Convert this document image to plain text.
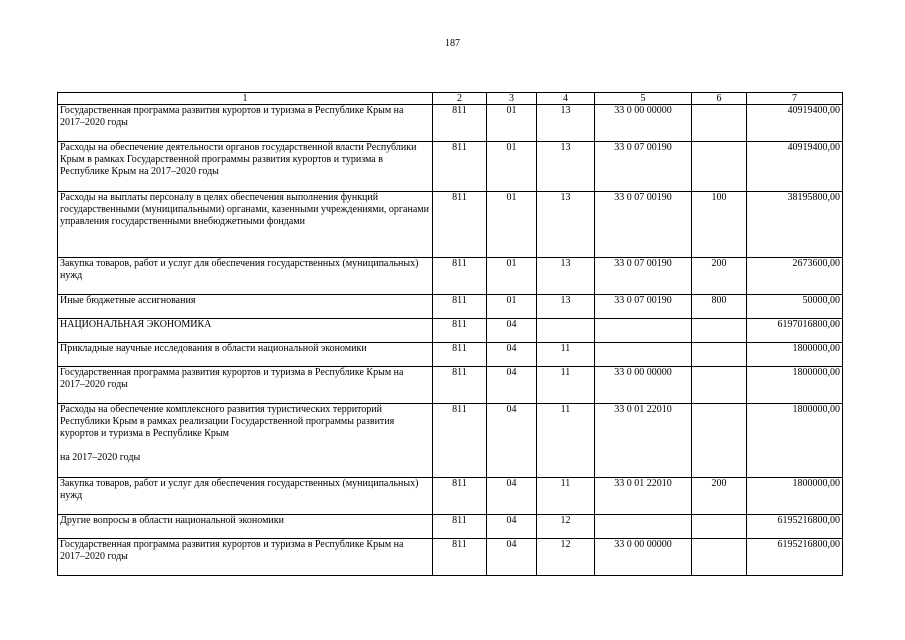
187
1	2	3	4	5	6	7
Государственная программа развития курортов и туризма в Республике Крым на 2017–2020 годы	811	01	13	33 0 00 00000		40919400,00
Расходы на обеспечение деятельности органов государственной власти Республики Крым в рамках Государственной программы развития курортов и туризма в Республике Крым на 2017–2020 годы	811	01	13	33 0 07 00190		40919400,00
Расходы на выплаты персоналу в целях обеспечения выполнения функций государственными (муниципальными) органами, казенными учреждениями, органами управления государственными внебюджетными фондами	811	01	13	33 0 07 00190	100	38195800,00
Закупка товаров, работ и услуг для обеспечения государственных (муниципальных) нужд	811	01	13	33 0 07 00190	200	2673600,00
Иные бюджетные ассигнования	811	01	13	33 0 07 00190	800	50000,00
НАЦИОНАЛЬНАЯ ЭКОНОМИКА	811	04				6197016800,00
Прикладные научные исследования в области национальной экономики	811	04	11			1800000,00
Государственная программа развития курортов и туризма в Республике Крым на 2017–2020 годы	811	04	11	33 0 00 00000		1800000,00
Расходы на обеспечение комплексного развития туристических территорий Республики Крым в рамках реализации Государственной программы развития курортов и туризма в Республике Крым
на 2017–2020 годы	811	04	11	33 0 01 22010		1800000,00
Закупка товаров, работ и услуг для обеспечения государственных (муниципальных) нужд	811	04	11	33 0 01 22010	200	1800000,00
Другие вопросы в области национальной экономики	811	04	12			6195216800,00
Государственная программа развития курортов и туризма в Республике Крым на 2017–2020 годы	811	04	12	33 0 00 00000		6195216800,00
